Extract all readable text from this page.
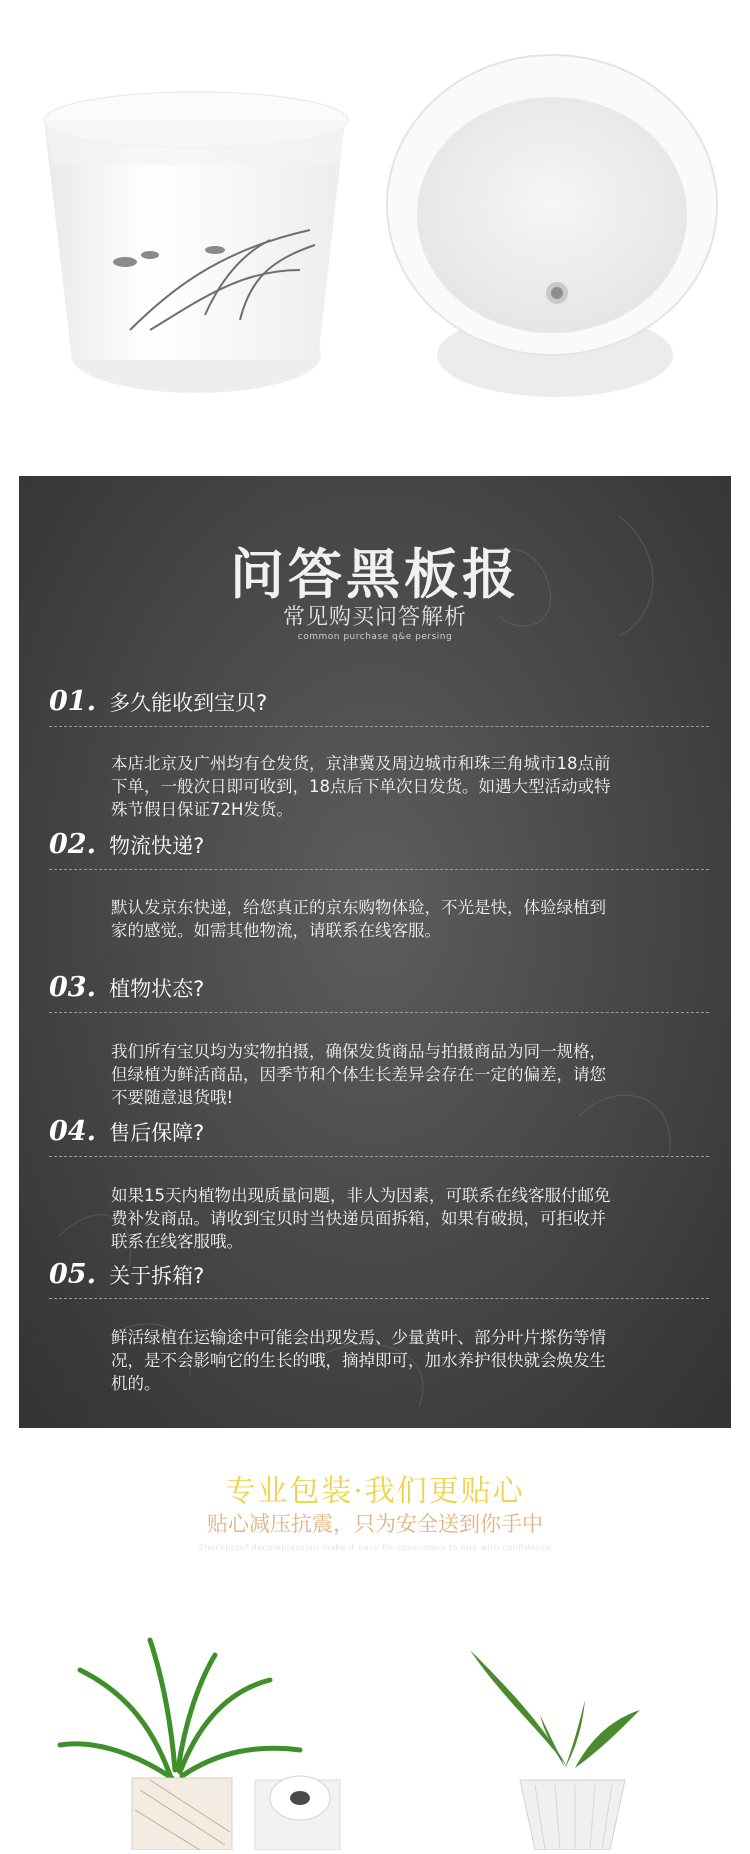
问答黑板报
常见购买问答解析
common purchase q&e persing
01. 多久能收到宝贝?
本店北京及广州均有仓发货，京津冀及周边城市和珠三角城市18点前
下单，一般次日即可收到，18点后下单次日发货。如遇大型活动或特
殊节假日保证72H发货。
02. 物流快递?
默认发京东快递，给您真正的京东购物体验，不光是快，体验绿植到
家的感觉。如需其他物流，请联系在线客服。
03. 植物状态?
我们所有宝贝均为实物拍摄，确保发货商品与拍摄商品为同一规格，
但绿植为鲜活商品，因季节和个体生长差异会存在一定的偏差，请您
不要随意退货哦!
04. 售后保障?
如果15天内植物出现质量问题，非人为因素，可联系在线客服付邮免
费补发商品。请收到宝贝时当快递员面拆箱，如果有破损，可拒收并
联系在线客服哦。
05. 关于拆箱?
鲜活绿植在运输途中可能会出现发焉、少量黄叶、部分叶片搽伤等情
况，是不会影响它的生长的哦，摘掉即可，加水养护很快就会焕发生
机的。
专业包装·我们更贴心
贴心减压抗震，只为安全送到你手中
Shockproof decompression make it easy for consumers to buy with confidence
